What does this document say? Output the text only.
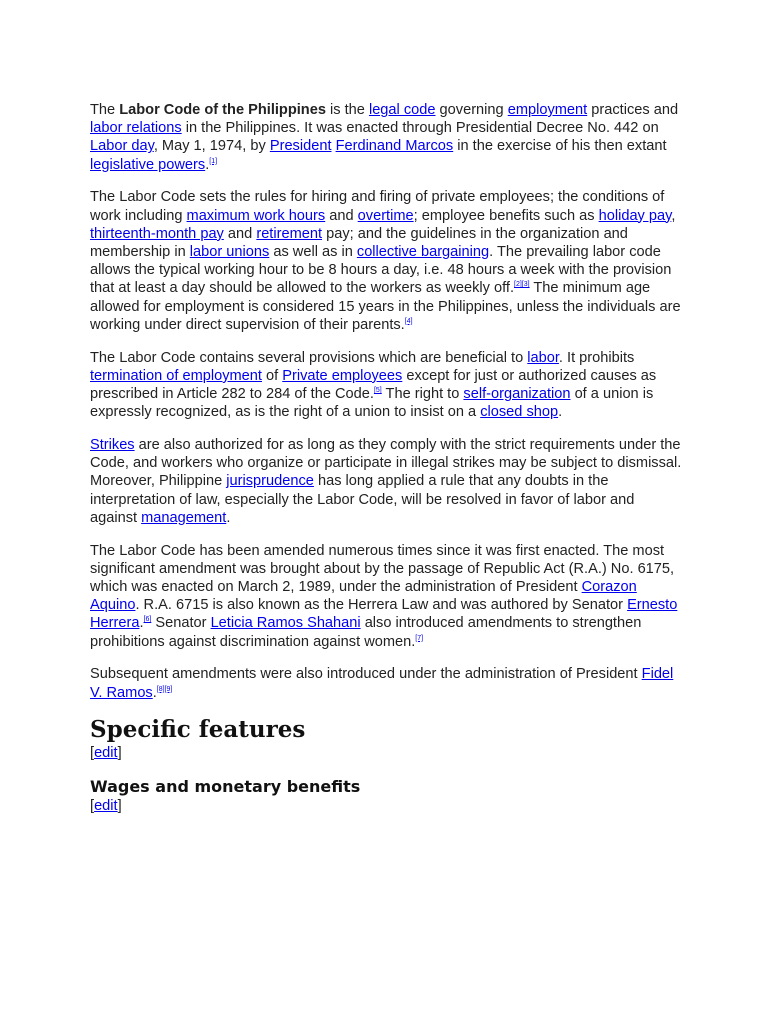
The Labor Code of the Philippines is the legal code governing employment practices and labor relations in the Philippines. It was enacted through Presidential Decree No. 442 on Labor day, May 1, 1974, by President Ferdinand Marcos in the exercise of his then extant legislative powers.[1]

The Labor Code sets the rules for hiring and firing of private employees; the conditions of work including maximum work hours and overtime; employee benefits such as holiday pay, thirteenth-month pay and retirement pay; and the guidelines in the organization and membership in labor unions as well as in collective bargaining. The prevailing labor code allows the typical working hour to be 8 hours a day, i.e. 48 hours a week with the provision that at least a day should be allowed to the workers as weekly off.[2][3] The minimum age allowed for employment is considered 15 years in the Philippines, unless the individuals are working under direct supervision of their parents.[4]

The Labor Code contains several provisions which are beneficial to labor. It prohibits termination of employment of Private employees except for just or authorized causes as prescribed in Article 282 to 284 of the Code.[5] The right to self-organization of a union is expressly recognized, as is the right of a union to insist on a closed shop.

Strikes are also authorized for as long as they comply with the strict requirements under the Code, and workers who organize or participate in illegal strikes may be subject to dismissal. Moreover, Philippine jurisprudence has long applied a rule that any doubts in the interpretation of law, especially the Labor Code, will be resolved in favor of labor and against management.

The Labor Code has been amended numerous times since it was first enacted. The most significant amendment was brought about by the passage of Republic Act (R.A.) No. 6175, which was enacted on March 2, 1989, under the administration of President Corazon Aquino. R.A. 6715 is also known as the Herrera Law and was authored by Senator Ernesto Herrera.[6] Senator Leticia Ramos Shahani also introduced amendments to strengthen prohibitions against discrimination against women.[7]

Subsequent amendments were also introduced under the administration of President Fidel V. Ramos.[8][9]

Specific features

[edit]

Wages and monetary benefits

[edit]
